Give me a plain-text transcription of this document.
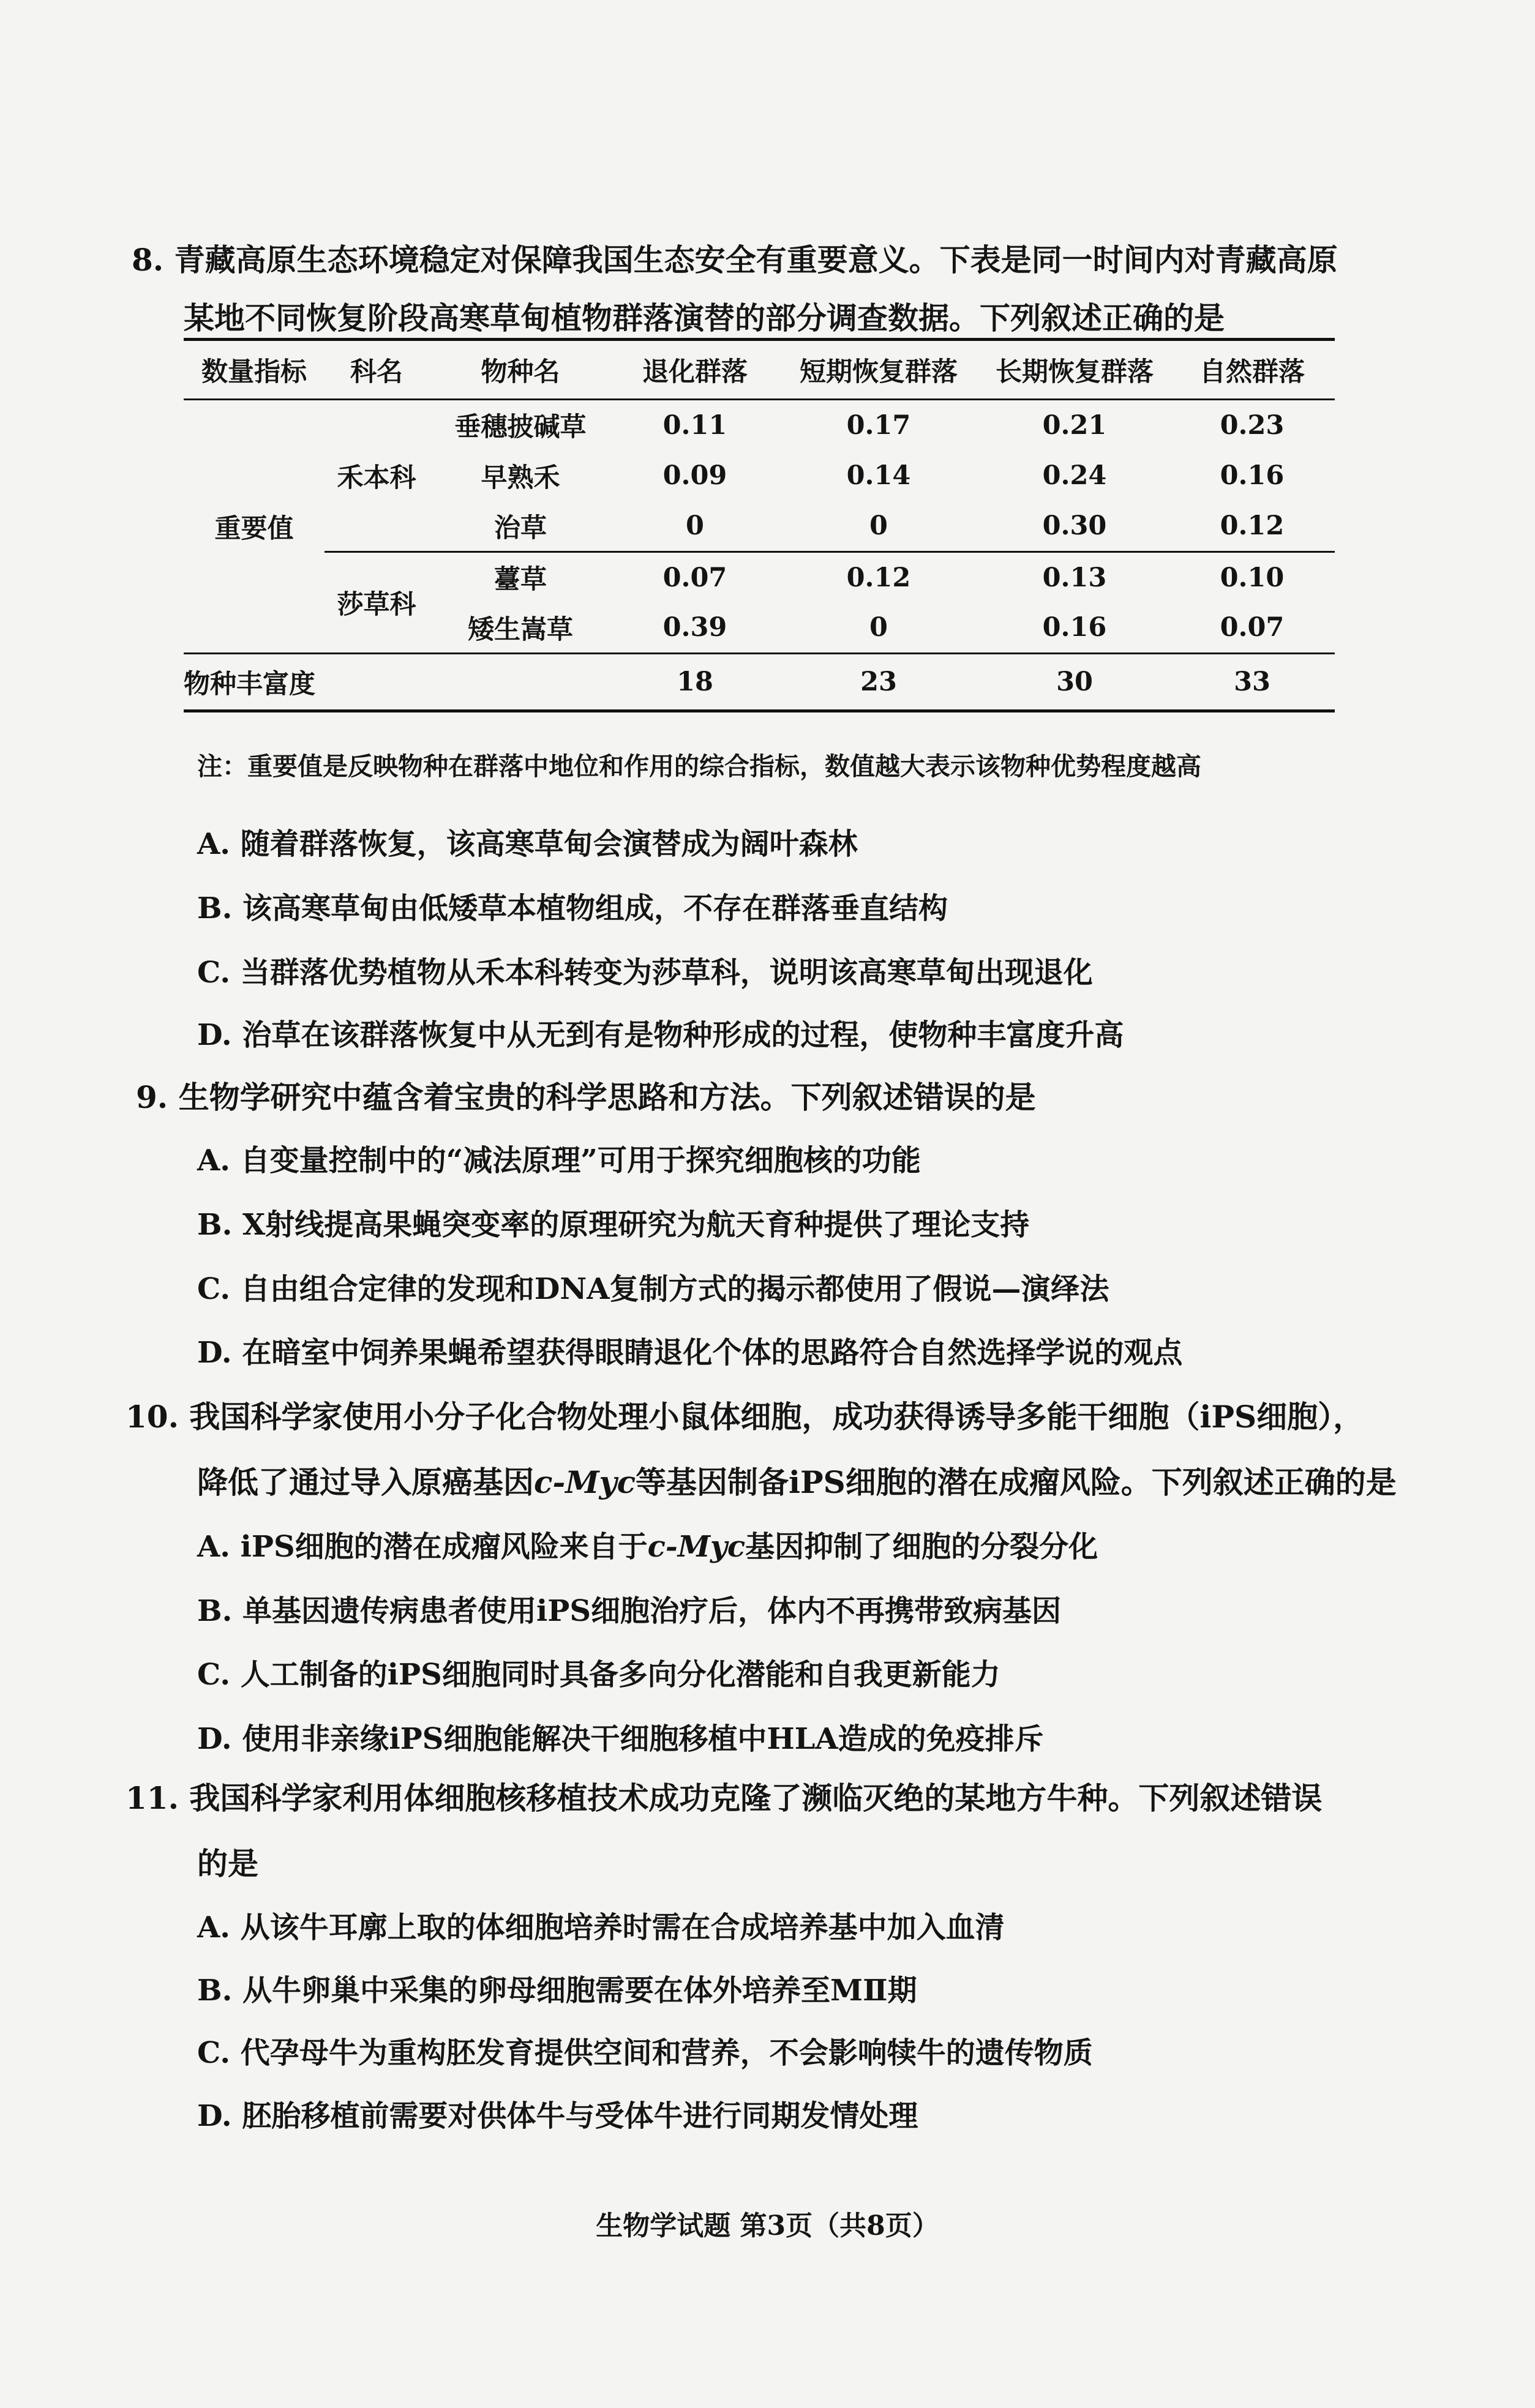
8. 青藏高原生态环境稳定对保障我国生态安全有重要意义。下表是同一时间内对青藏高原
某地不同恢复阶段高寒草甸植物群落演替的部分调查数据。下列叙述正确的是
数量指标	科名	物种名	退化群落	短期恢复群落	长期恢复群落	自然群落
重要值	禾本科	垂穗披碱草	0.11	0.17	0.21	0.23
		早熟禾	0.09	0.14	0.24	0.16
		治草	0	0	0.30	0.12
	莎草科	薹草	0.07	0.12	0.13	0.10
		矮生嵩草	0.39	0	0.16	0.07
物种丰富度			18	23	30	33
注：重要值是反映物种在群落中地位和作用的综合指标，数值越大表示该物种优势程度越高
A. 随着群落恢复，该高寒草甸会演替成为阔叶森林
B. 该高寒草甸由低矮草本植物组成，不存在群落垂直结构
C. 当群落优势植物从禾本科转变为莎草科，说明该高寒草甸出现退化
D. 治草在该群落恢复中从无到有是物种形成的过程，使物种丰富度升高
9. 生物学研究中蕴含着宝贵的科学思路和方法。下列叙述错误的是
A. 自变量控制中的“减法原理”可用于探究细胞核的功能
B. X射线提高果蝇突变率的原理研究为航天育种提供了理论支持
C. 自由组合定律的发现和DNA复制方式的揭示都使用了假说—演绎法
D. 在暗室中饲养果蝇希望获得眼睛退化个体的思路符合自然选择学说的观点
10. 我国科学家使用小分子化合物处理小鼠体细胞，成功获得诱导多能干细胞（iPS细胞），
降低了通过导入原癌基因c-Myc等基因制备iPS细胞的潜在成瘤风险。下列叙述正确的是
A. iPS细胞的潜在成瘤风险来自于c-Myc基因抑制了细胞的分裂分化
B. 单基因遗传病患者使用iPS细胞治疗后，体内不再携带致病基因
C. 人工制备的iPS细胞同时具备多向分化潜能和自我更新能力
D. 使用非亲缘iPS细胞能解决干细胞移植中HLA造成的免疫排斥
11. 我国科学家利用体细胞核移植技术成功克隆了濒临灭绝的某地方牛种。下列叙述错误
的是
A. 从该牛耳廓上取的体细胞培养时需在合成培养基中加入血清
B. 从牛卵巢中采集的卵母细胞需要在体外培养至MⅡ期
C. 代孕母牛为重构胚发育提供空间和营养，不会影响犊牛的遗传物质
D. 胚胎移植前需要对供体牛与受体牛进行同期发情处理
生物学试题 第3页（共8页）
